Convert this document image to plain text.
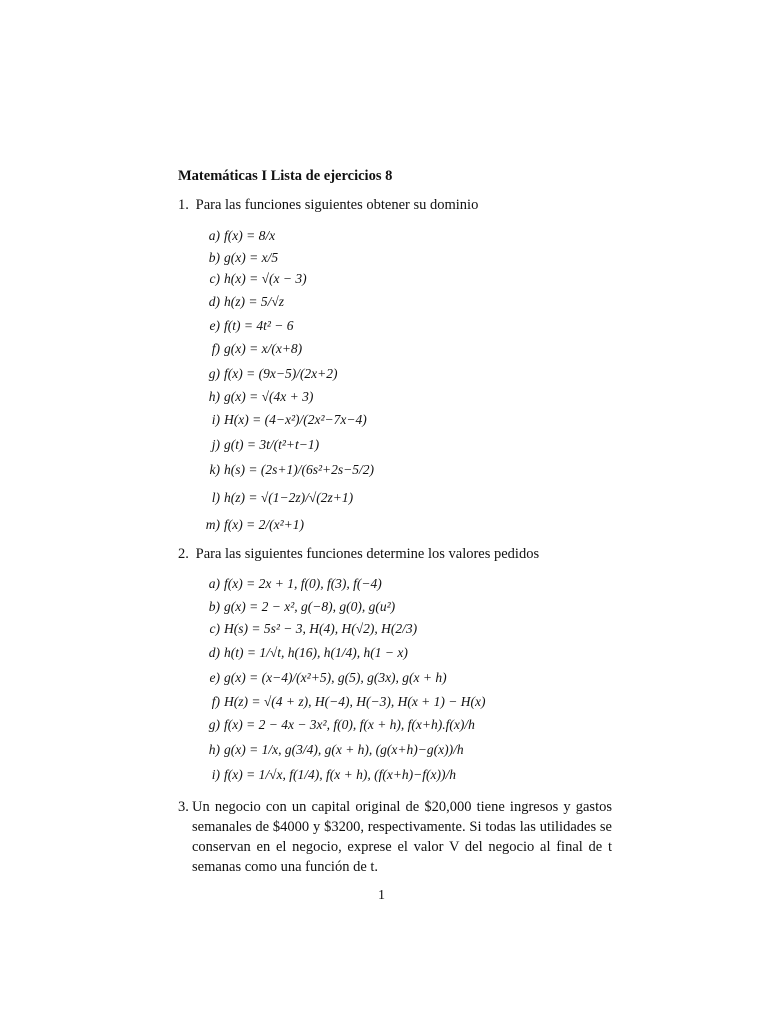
Matemáticas I Lista de ejercicios 8
1. Para las funciones siguientes obtener su dominio
a) f(x) = 8/x
b) g(x) = x/5
c) h(x) = √(x − 3)
d) h(z) = 5/√z
e) f(t) = 4t² − 6
f) g(x) = x/(x+8)
g) f(x) = (9x−5)/(2x+2)
h) g(x) = √(4x + 3)
i) H(x) = (4−x²)/(2x²−7x−4)
j) g(t) = 3t/(t²+t−1)
k) h(s) = (2s+1)/(6s²+2s−5/2)
l) h(z) = √(1−2z)/√(2z+1)
m) f(x) = 2/(x²+1)
2. Para las siguientes funciones determine los valores pedidos
a) f(x) = 2x + 1, f(0), f(3), f(−4)
b) g(x) = 2 − x², g(−8), g(0), g(u²)
c) H(s) = 5s² − 3, H(4), H(√2), H(2/3)
d) h(t) = 1/√t, h(16), h(1/4), h(1 − x)
e) g(x) = (x−4)/(x²+5), g(5), g(3x), g(x + h)
f) H(z) = √(4 + z), H(−4), H(−3), H(x + 1) − H(x)
g) f(x) = 2 − 4x − 3x², f(0), f(x + h), f(x+h).f(x)/h
h) g(x) = 1/x, g(3/4), g(x + h), (g(x+h)−g(x))/h
i) f(x) = 1/√x, f(1/4), f(x + h), (f(x+h)−f(x))/h
3. Un negocio con un capital original de $20,000 tiene ingresos y gastos semanales de $4000 y $3200, respectivamente. Si todas las utilidades se conservan en el negocio, exprese el valor V del negocio al final de t semanas como una función de t.
1
